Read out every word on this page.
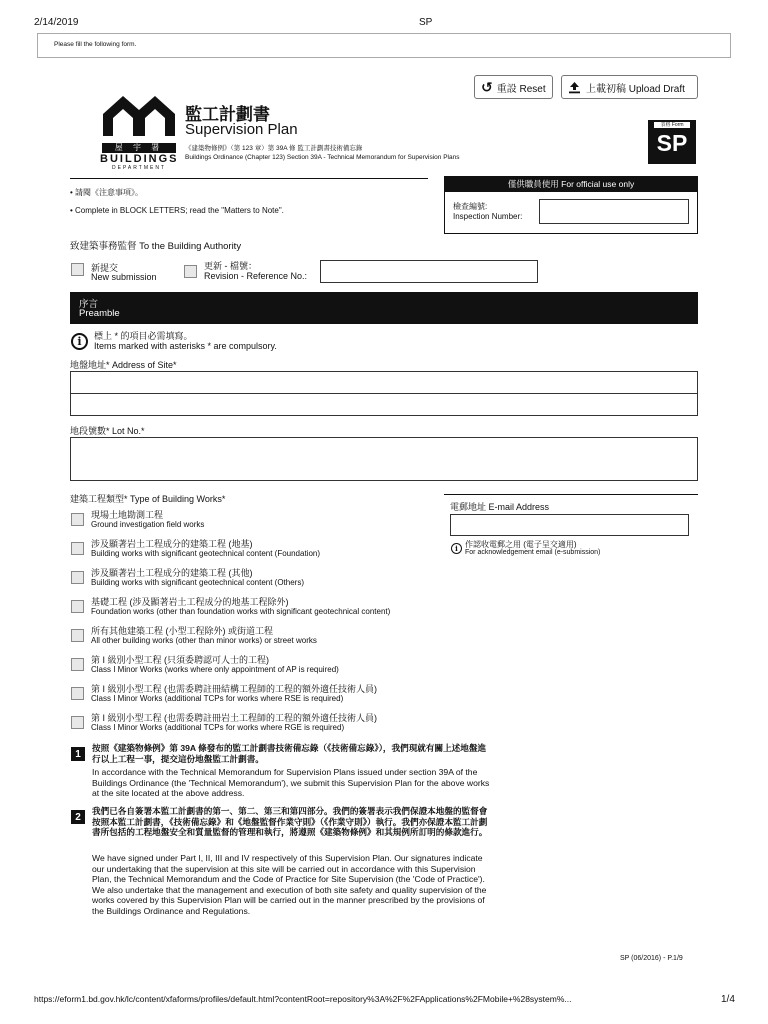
2/14/2019	SP
Please fill the following form.
↺ 重設 Reset	上載初稿 Upload Draft
屋 宇 署
BUILDINGS
DEPARTMENT
監工計劃書
Supervision Plan
《建築物條例》（第 123 章）第 39A 條 監工計劃書技術備忘錄
Buildings Ordinance (Chapter 123) Section 39A - Technical Memorandum for Supervision Plans
表格 Form
SP
• 請閱《注意事項》。
• Complete in BLOCK LETTERS; read the "Matters to Note".
僅供職員使用 For official use only
檢查編號:
Inspection Number:
致建築事務監督 To the Building Authority
新提交
New submission
更新 - 檔號：
Revision - Reference No.:
序言
Preamble
i	標上 * 的項目必需填寫。
Items marked with asterisks * are compulsory.
地盤地址* Address of Site*
地段號數* Lot No.*
建築工程類型* Type of Building Works*
現場土地勘測工程
Ground investigation field works
涉及顯著岩土工程成分的建築工程 (地基)
Building works with significant geotechnical content (Foundation)
涉及顯著岩土工程成分的建築工程 (其他)
Building works with significant geotechnical content (Others)
基礎工程 (涉及顯著岩土工程成分的地基工程除外)
Foundation works (other than foundation works with significant geotechnical content)
所有其他建築工程 (小型工程除外) 或街道工程
All other building works (other than minor works) or street works
第 I 級別小型工程 (只須委聘認可人士的工程)
Class I Minor Works (works where only appointment of AP is required)
第 I 級別小型工程 (也需委聘註冊結構工程師的工程的額外適任技術人員)
Class I Minor Works (additional TCPs for works where RSE is required)
第 I 級別小型工程 (也需委聘註冊岩土工程師的工程的額外適任技術人員)
Class I Minor Works (additional TCPs for works where RGE is required)
電郵地址 E-mail Address
i 作認收電郵之用 (電子呈交適用)
For acknowledgement email (e-submission)
1
按照《建築物條例》第 39A 條發布的監工計劃書技術備忘錄（《技術備忘錄》），我們現就有關上述地盤進行以上工程一事，提交這份地盤監工計劃書。
In accordance with the Technical Memorandum for Supervision Plans issued under section 39A of the Buildings Ordinance (the 'Technical Memorandum'), we submit this Supervision Plan for the above works at the site located at the above address.
2
我們已各自簽署本監工計劃書的第一、第二、第三和第四部分。我們的簽署表示我們保證本地盤的監督會按照本監工計劃書，《技術備忘錄》和《地盤監督作業守則》（《作業守則》）執行。我們亦保證本監工計劃書所包括的工程地盤安全和質量監督的管理和執行，將遵照《建築物條例》和其規例所訂明的條款進行。
We have signed under Part I, II, III and IV respectively of this Supervision Plan. Our signatures indicate our undertaking that the supervision at this site will be carried out in accordance with this Supervision Plan, the Technical Memorandum and the Code of Practice for Site Supervision (the 'Code of Practice'). We also undertake that the management and execution of both site safety and quality supervision of the works covered by this Supervision Plan will be carried out in the manner prescribed by the provisions of the Buildings Ordinance and Regulations.
SP (06/2016) - P.1/9
https://eform1.bd.gov.hk/lc/content/xfaforms/profiles/default.html?contentRoot=repository%3A%2F%2FApplications%2FMobile+%28system%...	1/4
